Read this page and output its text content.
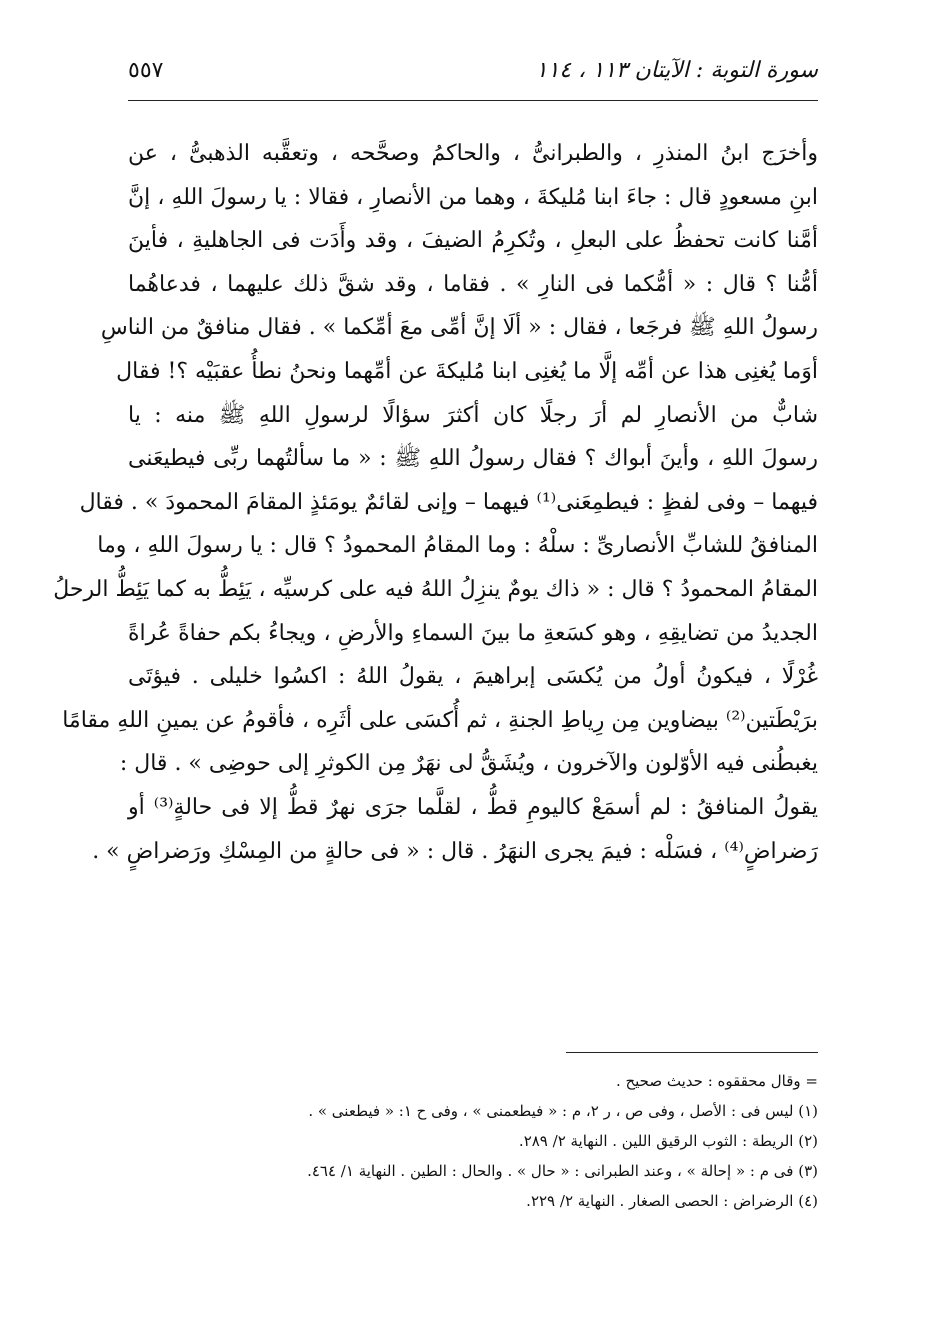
٥٥٧	سورة التوبة : الآيتان ١١٣ ، ١١٤
وأخرَج ابنُ المنذرِ ، والطبرانىُّ ، والحاكمُ وصحَّحه ، وتعقَّبه الذهبىُّ ، عن
ابنِ مسعودٍ قال : جاءَ ابنا مُليكةَ ، وهما من الأنصارِ ، فقالا : يا رسولَ اللهِ ، إنَّ
أمَّنا كانت تحفظُ على البعلِ ، وتُكرِمُ الضيفَ ، وقد وأَدَت فى الجاهليةِ ، فأينَ
أمُّنا ؟ قال : « أمُّكما فى النارِ » . فقاما ، وقد شقَّ ذلك عليهما ، فدعاهُما
رسولُ اللهِ ﷺ فرجَعا ، فقال : « ألَا إنَّ أمِّى معَ أمِّكما » . فقال منافقٌ من الناسِ
أوَما يُغنِى هذا عن أمِّه إلَّا ما يُغنِى ابنا مُليكةَ عن أمِّهما ونحنُ نطأُ عقبَيْه ؟! فقال
شابٌّ من الأنصارِ لم أرَ رجلًا كان أكثرَ سؤالًا لرسولِ اللهِ ﷺ منه : يا
رسولَ اللهِ ، وأينَ أبواك ؟ فقال رسولُ اللهِ ﷺ : « ما سألتُهما ربِّى فيطيعَنى
فيهما – وفى لفظٍ : فيطمِعَنى⁽¹⁾ فيهما – وإنى لقائمٌ يومَئذٍ المقامَ المحمودَ » . فقال
المنافقُ للشابِّ الأنصارىِّ : سلْهُ : وما المقامُ المحمودُ ؟ قال : يا رسولَ اللهِ ، وما
المقامُ المحمودُ ؟ قال : « ذاك يومٌ ينزِلُ اللهُ فيه على كرسيِّه ، يَئِطُّ به كما يَئِطُّ الرحلُ
الجديدُ من تضايقِهِ ، وهو كسَعةِ ما بينَ السماءِ والأرضِ ، ويجاءُ بكم حفاةً عُراةً
غُرْلًا ، فيكونُ أولُ من يُكسَى إبراهيمَ ، يقولُ اللهُ : اكسُوا خليلى . فيؤتَى
برَيْطَتين⁽²⁾ بيضاوين مِن رِياطِ الجنةِ ، ثم أُكسَى على أثَرِه ، فأقومُ عن يمينِ اللهِ مقامًا
يغبطُنى فيه الأوّلون والآخرون ، ويُشَقُّ لى نهَرٌ مِن الكوثرِ إلى حوضِى » . قال :
يقولُ المنافقُ : لم أسمَعْ كاليومِ قطُّ ، لقلَّما جرَى نهرٌ قطُّ إلا فى حالةٍ⁽³⁾ أو
رَضراضٍ⁽⁴⁾ ، فسَلْه : فيمَ يجرى النهَرُ . قال : « فى حالةٍ من المِسْكِ ورَضراضٍ » .
= وقال محققوه : حديث صحيح .
(١) ليس فى : الأصل ، وفى ص ، ر ٢، م : « فيطعمنى » ، وفى ح ١: « فيطعنى » .
(٢) الريطة : الثوب الرقيق اللين . النهاية ٢/ ٢٨٩.
(٣) فى م : « إحالة » ، وعند الطبرانى : « حال » . والحال : الطين . النهاية ١/ ٤٦٤.
(٤) الرضراض : الحصى الصغار . النهاية ٢/ ٢٢٩.
